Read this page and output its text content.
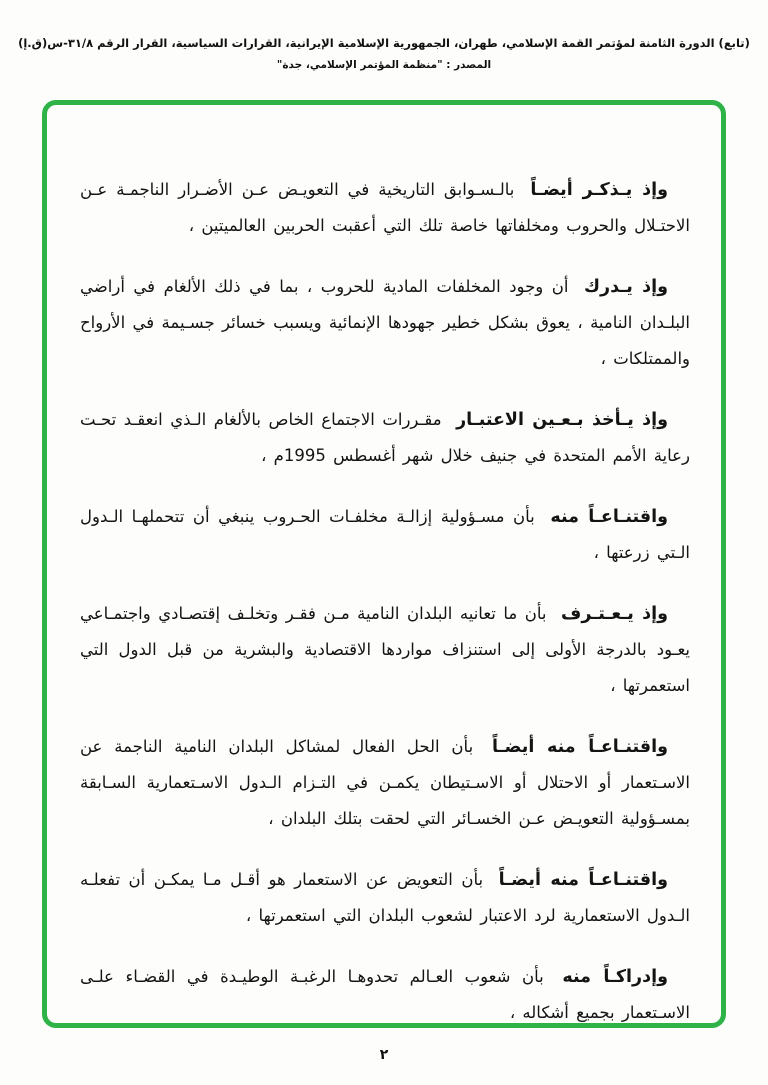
(تابع) الدورة الثامنة لمؤتمر القمة الإسلامي، طهران، الجمهورية الإسلامية الإيرانية، القرارات السياسية، القرار الرقم ٣١/٨-س(ق.إ)
المصدر : "منظمة المؤتمر الإسلامي، جدة"

وإذ يـذكـر أيضـاً بالـسـوابق التاريخية في التعويـض عـن الأضـرار الناجمـة عـن الاحتـلال والحروب ومخلفاتها خاصة تلك التي أعقبت الحربين العالميتين ،

وإذ يـدرك أن وجود المخلفات المادية للحروب ، بما في ذلك الألغام في أراضي البلـدان النامية ، يعوق بشكل خطير جهودها الإنمائية ويسبب خسائر جسـيمة في الأرواح والممتلكات ،

وإذ يـأخذ بـعـين الاعتبـار مقـررات الاجتماع الخاص بالألغام الـذي انعقـد تحـت رعاية الأمم المتحدة في جنيف خلال شهر أغسطس 1995م ،

واقتنـاعـاً منه بأن مسـؤولية إزالـة مخلفـات الحـروب ينبغي أن تتحملهـا الـدول الـتي زرعتها ،

وإذ يـعـتـرف بأن ما تعانيه البلدان النامية مـن فقـر وتخلـف إقتصـادي واجتمـاعي يعـود بالدرجة الأولى إلى استنزاف مواردها الاقتصادية والبشرية من قبل الدول التي استعمرتها ،

واقتنـاعـاً منه أيضـاً بأن الحل الفعال لمشاكل البلدان النامية الناجمة عن الاسـتعمار أو الاحتلال أو الاسـتيطان يكمـن في التـزام الـدول الاسـتعمارية السـابقة بمسـؤولية التعويـض عـن الخسـائر التي لحقت بتلك البلدان ،

واقتنـاعـاً منه أيضـاً بأن التعويض عن الاستعمار هو أقـل مـا يمكـن أن تفعلـه الـدول الاستعمارية لرد الاعتبار لشعوب البلدان التي استعمرتها ،

وإدراكـاً منه بأن شعوب العـالم تحدوهـا الرغبـة الوطيـدة في القضـاء علـى الاسـتعمار بجميع أشكاله ،

٢
